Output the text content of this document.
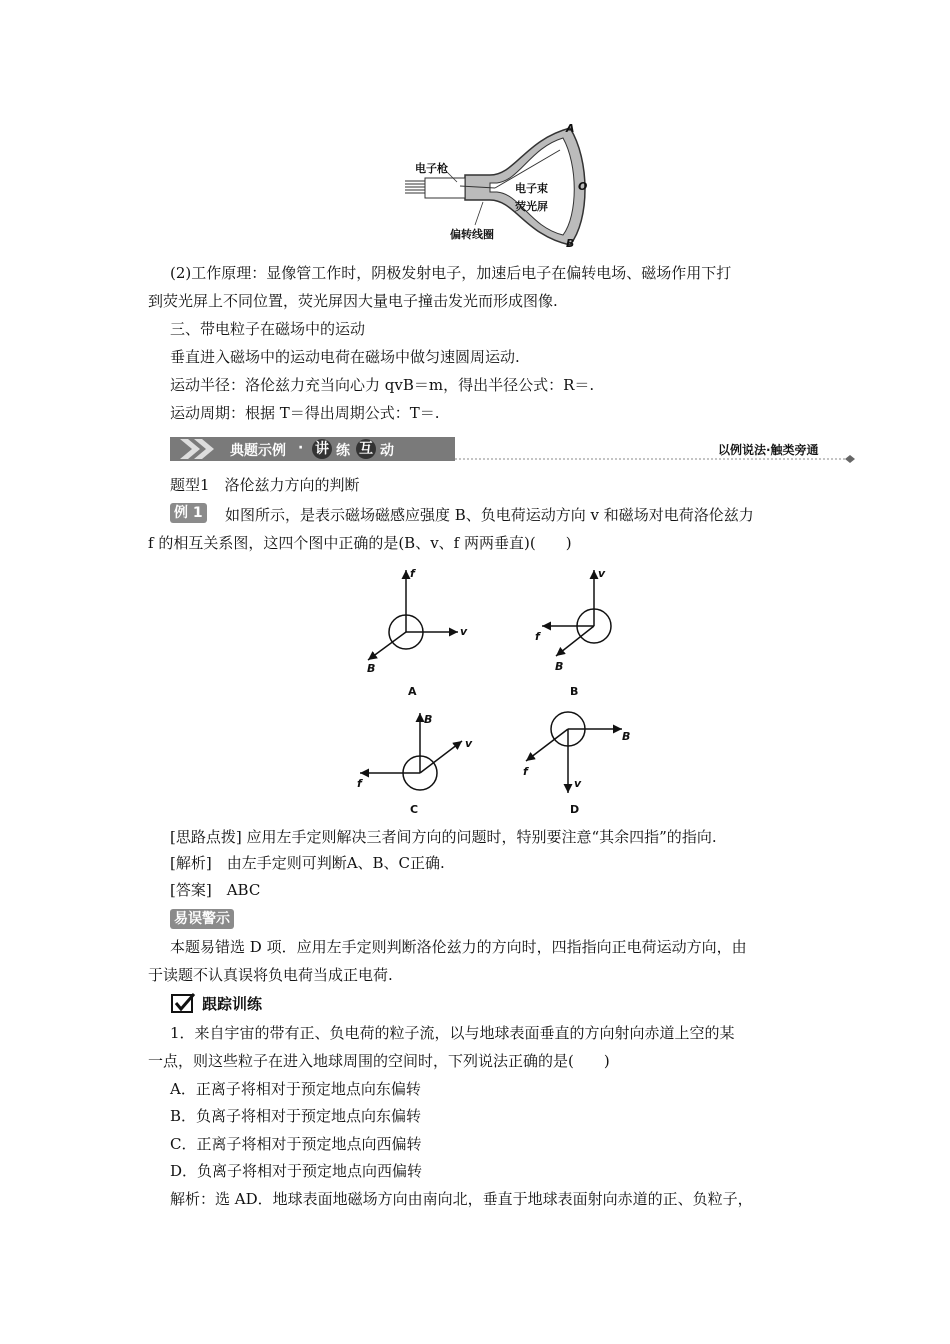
电子枪
电子束
荧光屏
偏转线圈
A
O
B
(2)工作原理：显像管工作时，阴极发射电子，加速后电子在偏转电场、磁场作用下打
到荧光屏上不同位置，荧光屏因大量电子撞击发光而形成图像.
三、带电粒子在磁场中的运动
垂直进入磁场中的运动电荷在磁场中做匀速圆周运动.
运动半径：洛伦兹力充当向心力 qvB＝m，得出半径公式：R＝.
运动周期：根据 T＝得出周期公式：T＝.
典题示例 · 讲 练 互 动	以例说法·触类旁通
题型1　洛伦兹力方向的判断
例 1 如图所示，是表示磁场磁感应强度 B、负电荷运动方向 v 和磁场对电荷洛伦兹力
f 的相互关系图，这四个图中正确的是(B、v、f 两两垂直)(　　)
f
v
B
A
v
f
B
B
B
v
f
C
B
f
v
D
[思路点拨] 应用左手定则解决三者间方向的问题时，特别要注意“其余四指”的指向.
[解析]　由左手定则可判断A、B、C正确.
[答案]　ABC
易误警示
本题易错选 D 项．应用左手定则判断洛伦兹力的方向时，四指指向正电荷运动方向，由
于读题不认真误将负电荷当成正电荷.
跟踪训练
1．来自宇宙的带有正、负电荷的粒子流，以与地球表面垂直的方向射向赤道上空的某
一点，则这些粒子在进入地球周围的空间时，下列说法正确的是(　　)
A．正离子将相对于预定地点向东偏转
B．负离子将相对于预定地点向东偏转
C．正离子将相对于预定地点向西偏转
D．负离子将相对于预定地点向西偏转
解析：选 AD．地球表面地磁场方向由南向北，垂直于地球表面射向赤道的正、负粒子，
